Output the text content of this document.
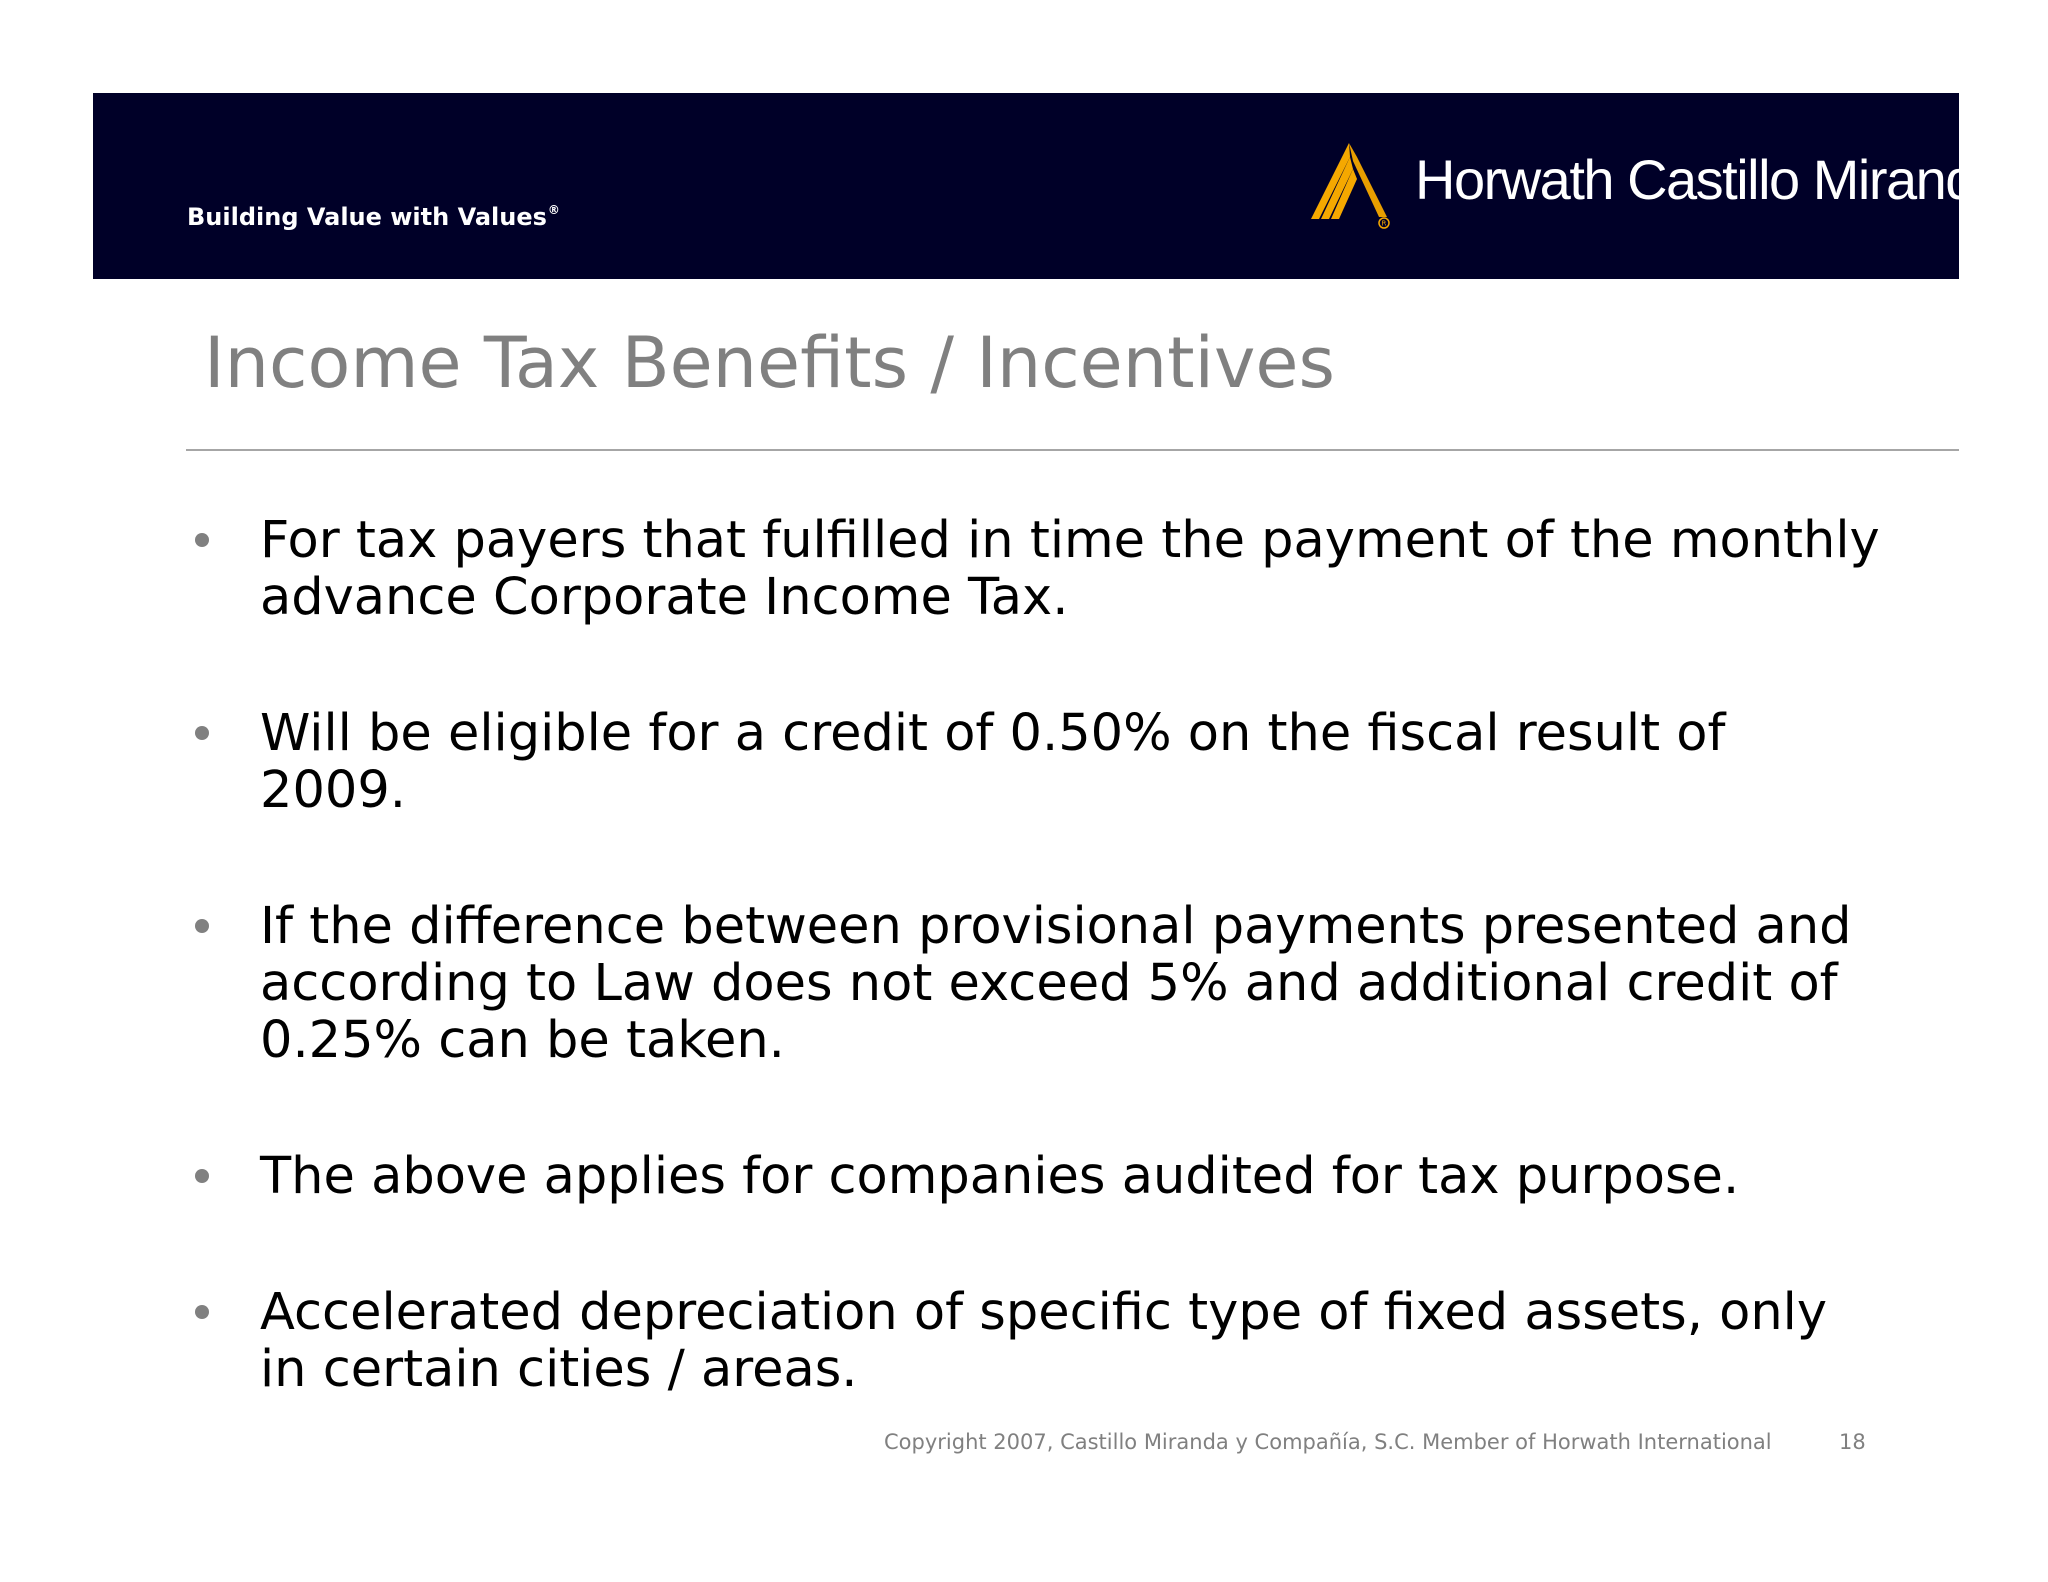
Building Value with Values®
R
Horwath Castillo Miranda
Income Tax Benefits / Incentives
For tax payers that fulfilled in time the payment of the monthly advance Corporate Income Tax.
Will be eligible for a credit of 0.50% on the fiscal result of 2009.
If the difference between provisional payments presented and according to Law does not exceed 5% and additional credit of 0.25% can be taken.
The above applies for companies audited for tax purpose.
Accelerated depreciation of specific type of fixed assets, only in certain cities / areas.
Copyright 2007, Castillo Miranda y Compañía, S.C. Member of Horwath International	18
